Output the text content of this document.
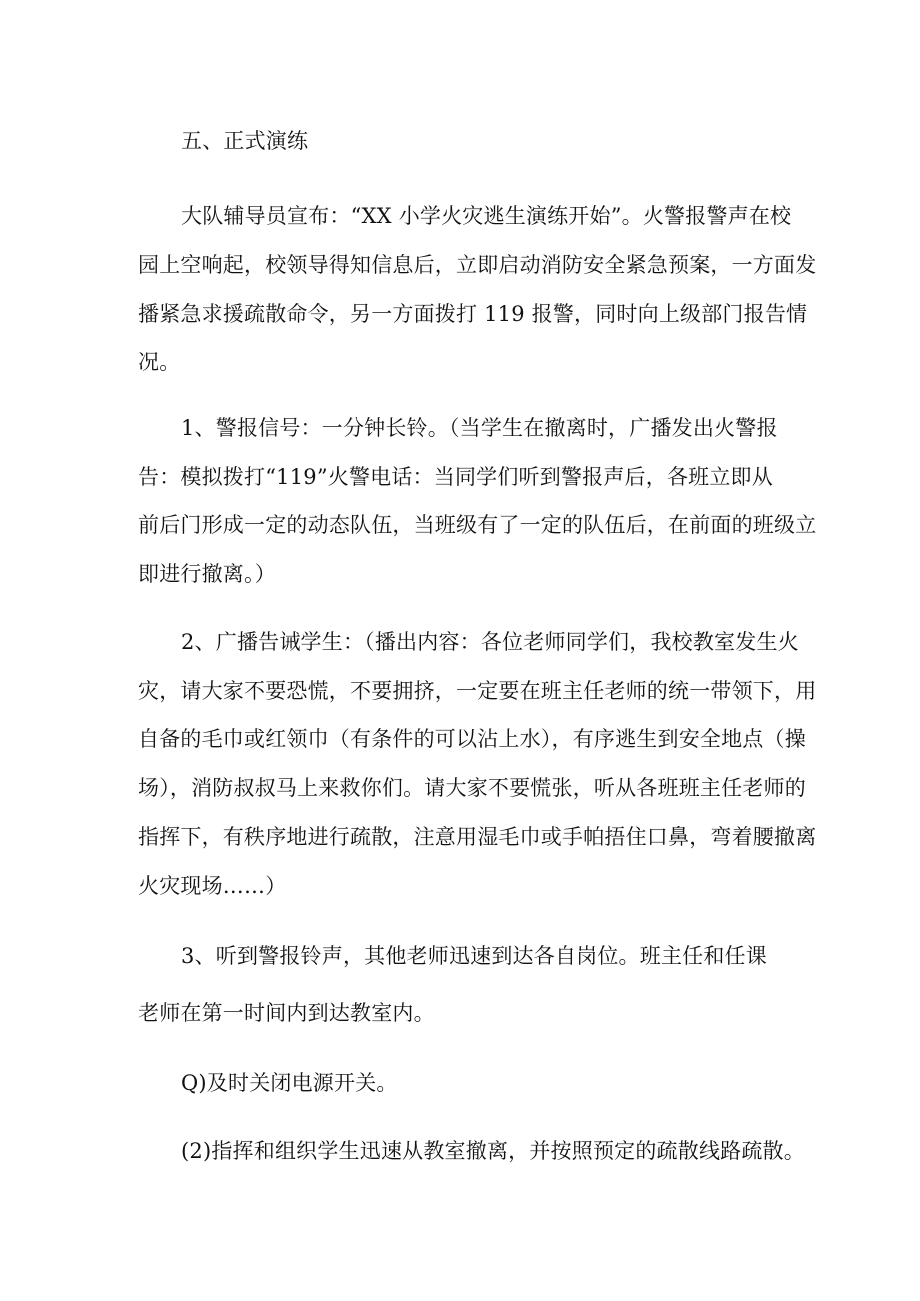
五、正式演练
大队辅导员宣布：“XX 小学火灾逃生演练开始”。火警报警声在校
园上空响起，校领导得知信息后，立即启动消防安全紧急预案，一方面发
播紧急求援疏散命令，另一方面拨打 119 报警，同时向上级部门报告情
况。
1、警报信号：一分钟长铃。（当学生在撤离时，广播发出火警报
告：模拟拨打“119”火警电话：当同学们听到警报声后，各班立即从
前后门形成一定的动态队伍，当班级有了一定的队伍后，在前面的班级立
即进行撤离。）
2、广播告诫学生：（播出内容：各位老师同学们，我校教室发生火
灾，请大家不要恐慌，不要拥挤，一定要在班主任老师的统一带领下，用
自备的毛巾或红领巾（有条件的可以沾上水），有序逃生到安全地点（操
场），消防叔叔马上来救你们。请大家不要慌张，听从各班班主任老师的
指挥下，有秩序地进行疏散，注意用湿毛巾或手帕捂住口鼻，弯着腰撤离
火灾现场……）
3、听到警报铃声，其他老师迅速到达各自岗位。班主任和任课
老师在第一时间内到达教室内。
Q)及时关闭电源开关。
(2)指挥和组织学生迅速从教室撤离，并按照预定的疏散线路疏散。
